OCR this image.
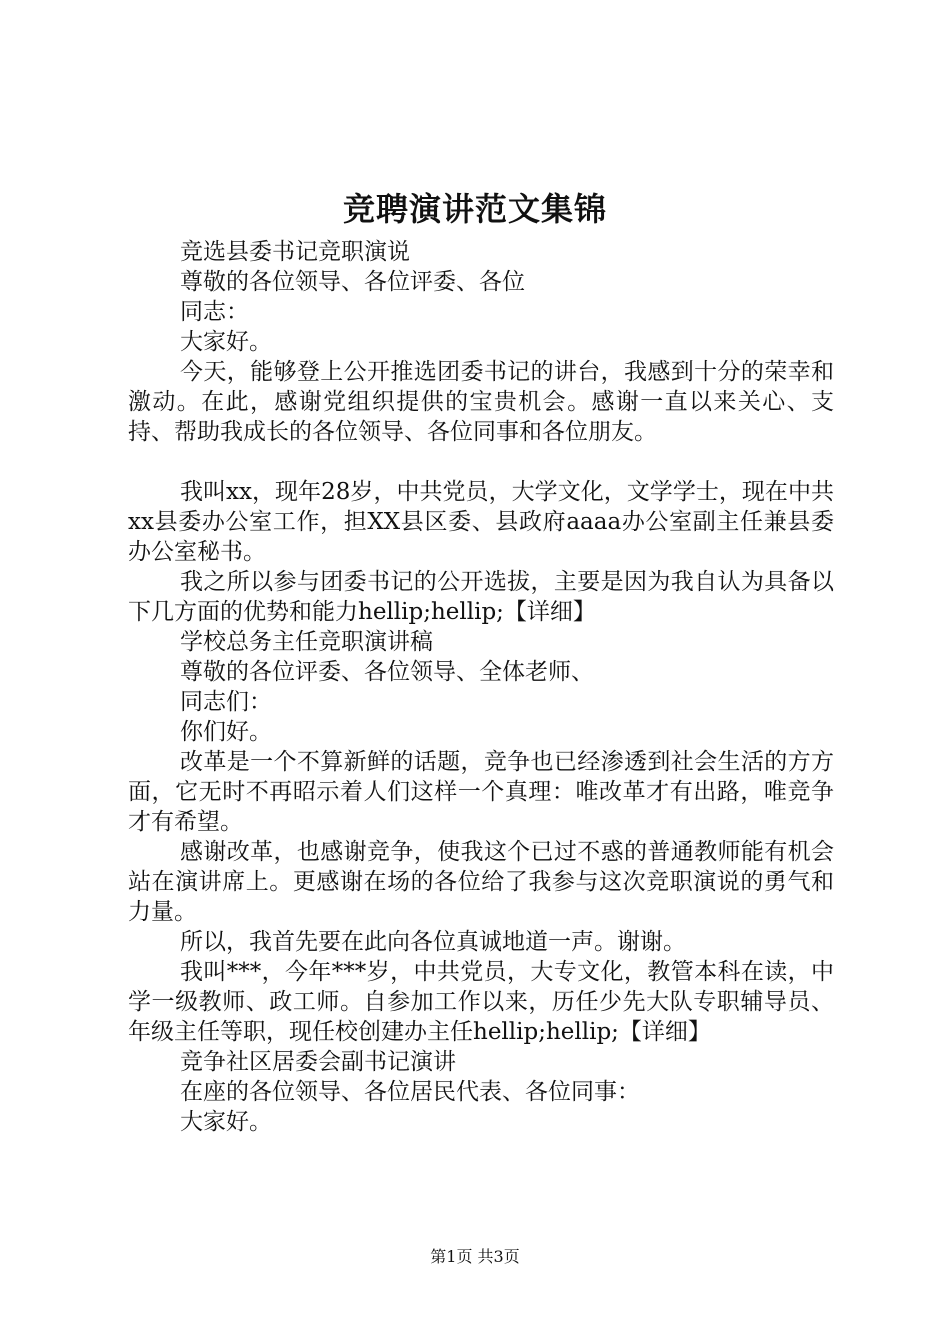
竞聘演讲范文集锦

竞选县委书记竞职演说

尊敬的各位领导、各位评委、各位

同志：

大家好。

今天，能够登上公开推选团委书记的讲台，我感到十分的荣幸和激动。在此，感谢党组织提供的宝贵机会。感谢一直以来关心、支持、帮助我成长的各位领导、各位同事和各位朋友。

我叫xx，现年28岁，中共党员，大学文化，文学学士，现在中共xx县委办公室工作，担XX县区委、县政府aaaa办公室副主任兼县委办公室秘书。

我之所以参与团委书记的公开选拔，主要是因为我自认为具备以下几方面的优势和能力hellip;hellip;【详细】

学校总务主任竞职演讲稿

尊敬的各位评委、各位领导、全体老师、

同志们：

你们好。

改革是一个不算新鲜的话题，竞争也已经渗透到社会生活的方方面，它无时不再昭示着人们这样一个真理：唯改革才有出路，唯竞争才有希望。

感谢改革，也感谢竞争，使我这个已过不惑的普通教师能有机会站在演讲席上。更感谢在场的各位给了我参与这次竞职演说的勇气和力量。

所以，我首先要在此向各位真诚地道一声。谢谢。

我叫***，今年***岁，中共党员，大专文化，教管本科在读，中学一级教师、政工师。自参加工作以来，历任少先大队专职辅导员、年级主任等职，现任校创建办主任hellip;hellip;【详细】

竞争社区居委会副书记演讲

在座的各位领导、各位居民代表、各位同事：

大家好。

第1页 共3页
